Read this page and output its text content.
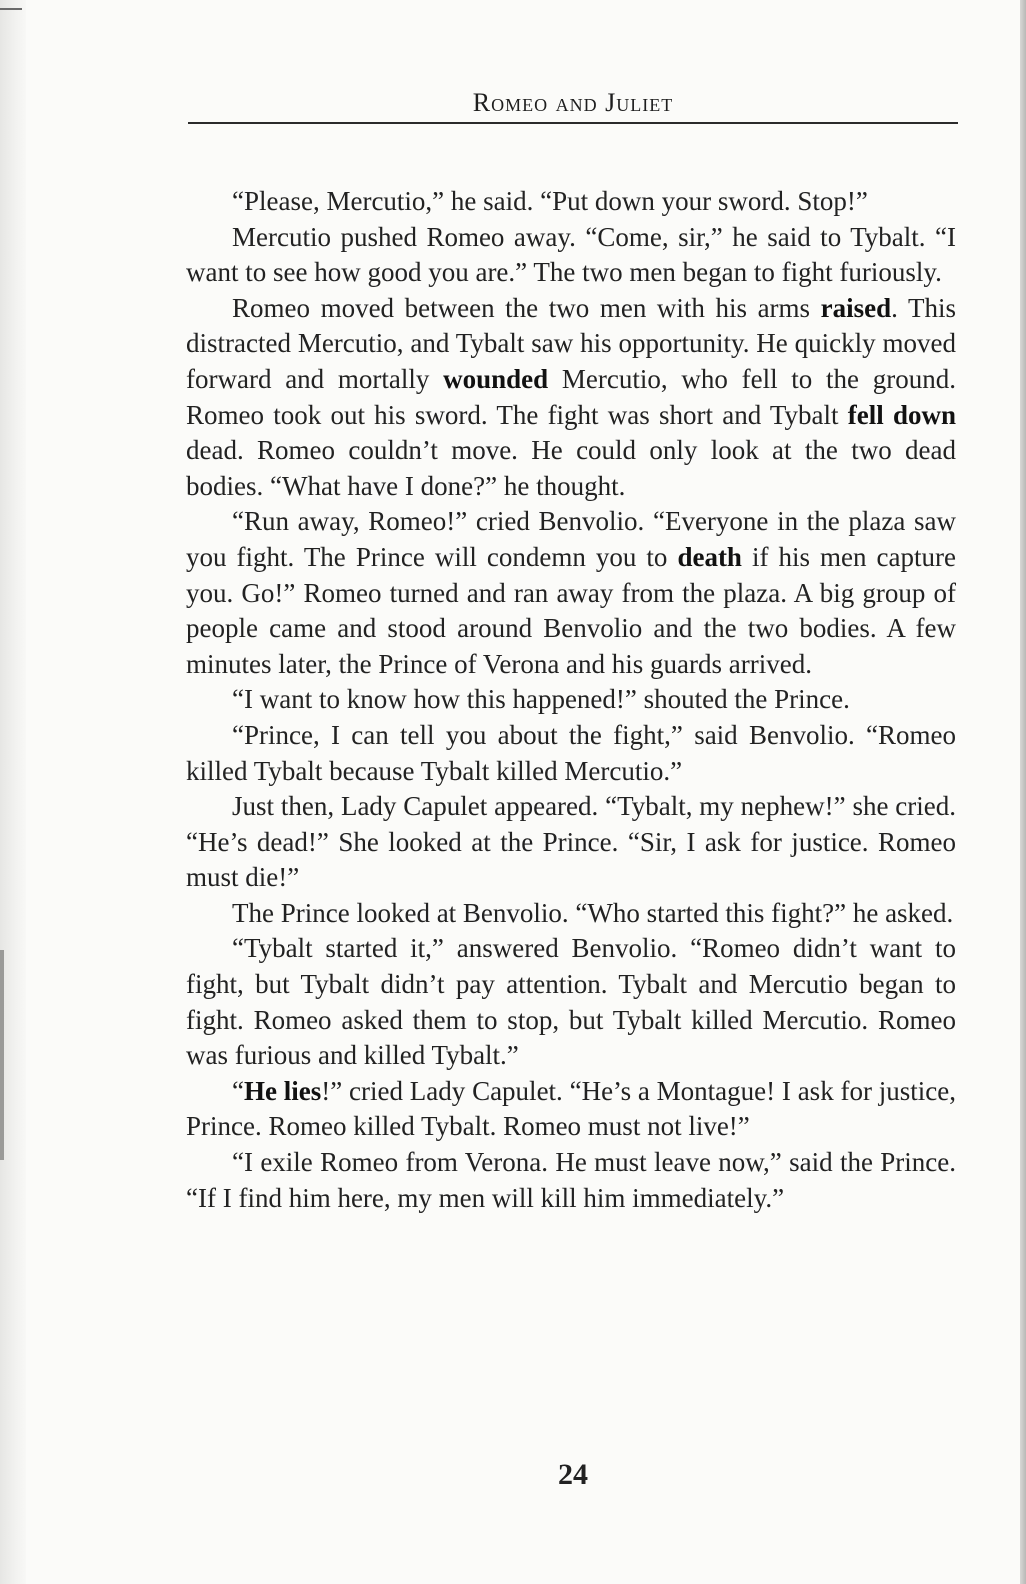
Romeo and Juliet

“Please, Mercutio,” he said. “Put down your sword. Stop!”

Mercutio pushed Romeo away. “Come, sir,” he said to Tybalt. “I want to see how good you are.” The two men began to fight furiously.

Romeo moved between the two men with his arms raised. This distracted Mercutio, and Tybalt saw his opportunity. He quickly moved forward and mortally wounded Mercutio, who fell to the ground. Romeo took out his sword. The fight was short and Tybalt fell down dead. Romeo couldn’t move. He could only look at the two dead bodies. “What have I done?” he thought.

“Run away, Romeo!” cried Benvolio. “Everyone in the plaza saw you fight. The Prince will condemn you to death if his men capture you. Go!” Romeo turned and ran away from the plaza. A big group of people came and stood around Benvolio and the two bodies. A few minutes later, the Prince of Verona and his guards arrived.

“I want to know how this happened!” shouted the Prince.

“Prince, I can tell you about the fight,” said Benvolio. “Romeo killed Tybalt because Tybalt killed Mercutio.”

Just then, Lady Capulet appeared. “Tybalt, my nephew!” she cried. “He’s dead!” She looked at the Prince. “Sir, I ask for justice. Romeo must die!”

The Prince looked at Benvolio. “Who started this fight?” he asked.

“Tybalt started it,” answered Benvolio. “Romeo didn’t want to fight, but Tybalt didn’t pay attention. Tybalt and Mercutio began to fight. Romeo asked them to stop, but Tybalt killed Mercutio. Romeo was furious and killed Tybalt.”

“He lies!” cried Lady Capulet. “He’s a Montague! I ask for justice, Prince. Romeo killed Tybalt. Romeo must not live!”

“I exile Romeo from Verona. He must leave now,” said the Prince. “If I find him here, my men will kill him immediately.”

24
